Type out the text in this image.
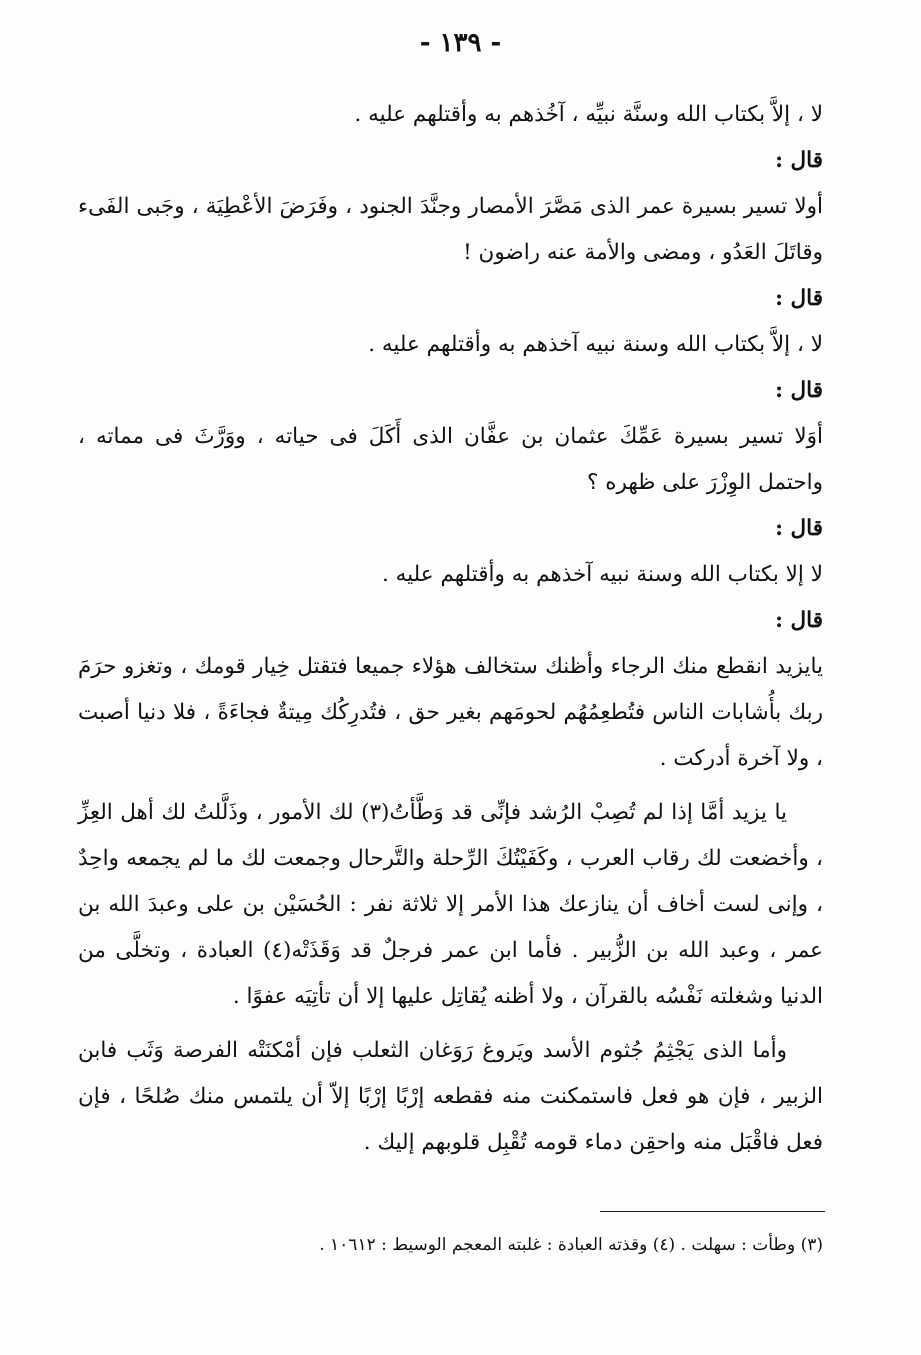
- ١٣٩ -

لا ، إلاَّ بكتاب الله وسنَّة نبيِّه ، آخُذهم به وأقتلهم عليه .

قال :

أولا تسير بسيرة عمر الذى مَصَّرَ الأمصار وجنَّدَ الجنود ، وفَرَضَ الأعْطِيَة ، وجَبى الفَىء وقاتَلَ العَدُو ، ومضى والأمة عنه راضون !

قال :

لا ، إلاَّ بكتاب الله وسنة نبيه آخذهم به وأقتلهم عليه .

قال :

أوَلا تسير بسيرة عَمِّكَ عثمان بن عفَّان الذى أَكَلَ فى حياته ، ووَرَّثَ فى مماته ، واحتمل الوِزْرَ على ظهره ؟

قال :

لا إلا بكتاب الله وسنة نبيه آخذهم به وأقتلهم عليه .

قال :

يايزيد انقطع منك الرجاء وأظنك ستخالف هؤلاء جميعا فتقتل خِيار قومك ، وتغزو حرَمَ ربك بأُشابات الناس فتُطعِمُهُم لحومَهم بغير حق ، فتُدرِكُك مِيتةٌ فجاءَةً ، فلا دنيا أصبت ، ولا آخرة أدركت .

يا يزيد أمَّا إذا لم تُصِبْ الرُشد فإنِّى قد وَطَّأتُ(٣) لك الأمور ، وذَلَّلتُ لك أهل العِزِّ ، وأخضعت لك رقاب العرب ، وكَفَيْتُكَ الرِّحلة والتَّرحال وجمعت لك ما لم يجمعه واحِدٌ ، وإنى لست أخاف أن ينازعك هذا الأمر إلا ثلاثة نفر : الحُسَيْن بن على وعبدَ الله بن عمر ، وعبد الله بن الزُّبير . فأما ابن عمر فرجلٌ قد وَقَذَتْه(٤) العبادة ، وتخلَّى من الدنيا وشغلته نَفْسُه بالقرآن ، ولا أظنه يُقاتِل عليها إلا أن تأتِيَه عفوًا .

وأما الذى يَجْثِمُ جُثوم الأسد ويَروغ رَوَغان الثعلب فإن أمْكنَتْه الفرصة وَثَب فابن الزبير ، فإن هو فعل فاستمكنت منه فقطعه إرْبًا إرْبًا إلاّ أن يلتمس منك صُلحًا ، فإن فعل فاقْبَل منه واحقِن دماء قومه تُقْبِل قلوبهم إليك .

(٣) وطأت : سهلت . (٤) وقذته العبادة : غلبته المعجم الوسيط : ١٠٦١٢ .
